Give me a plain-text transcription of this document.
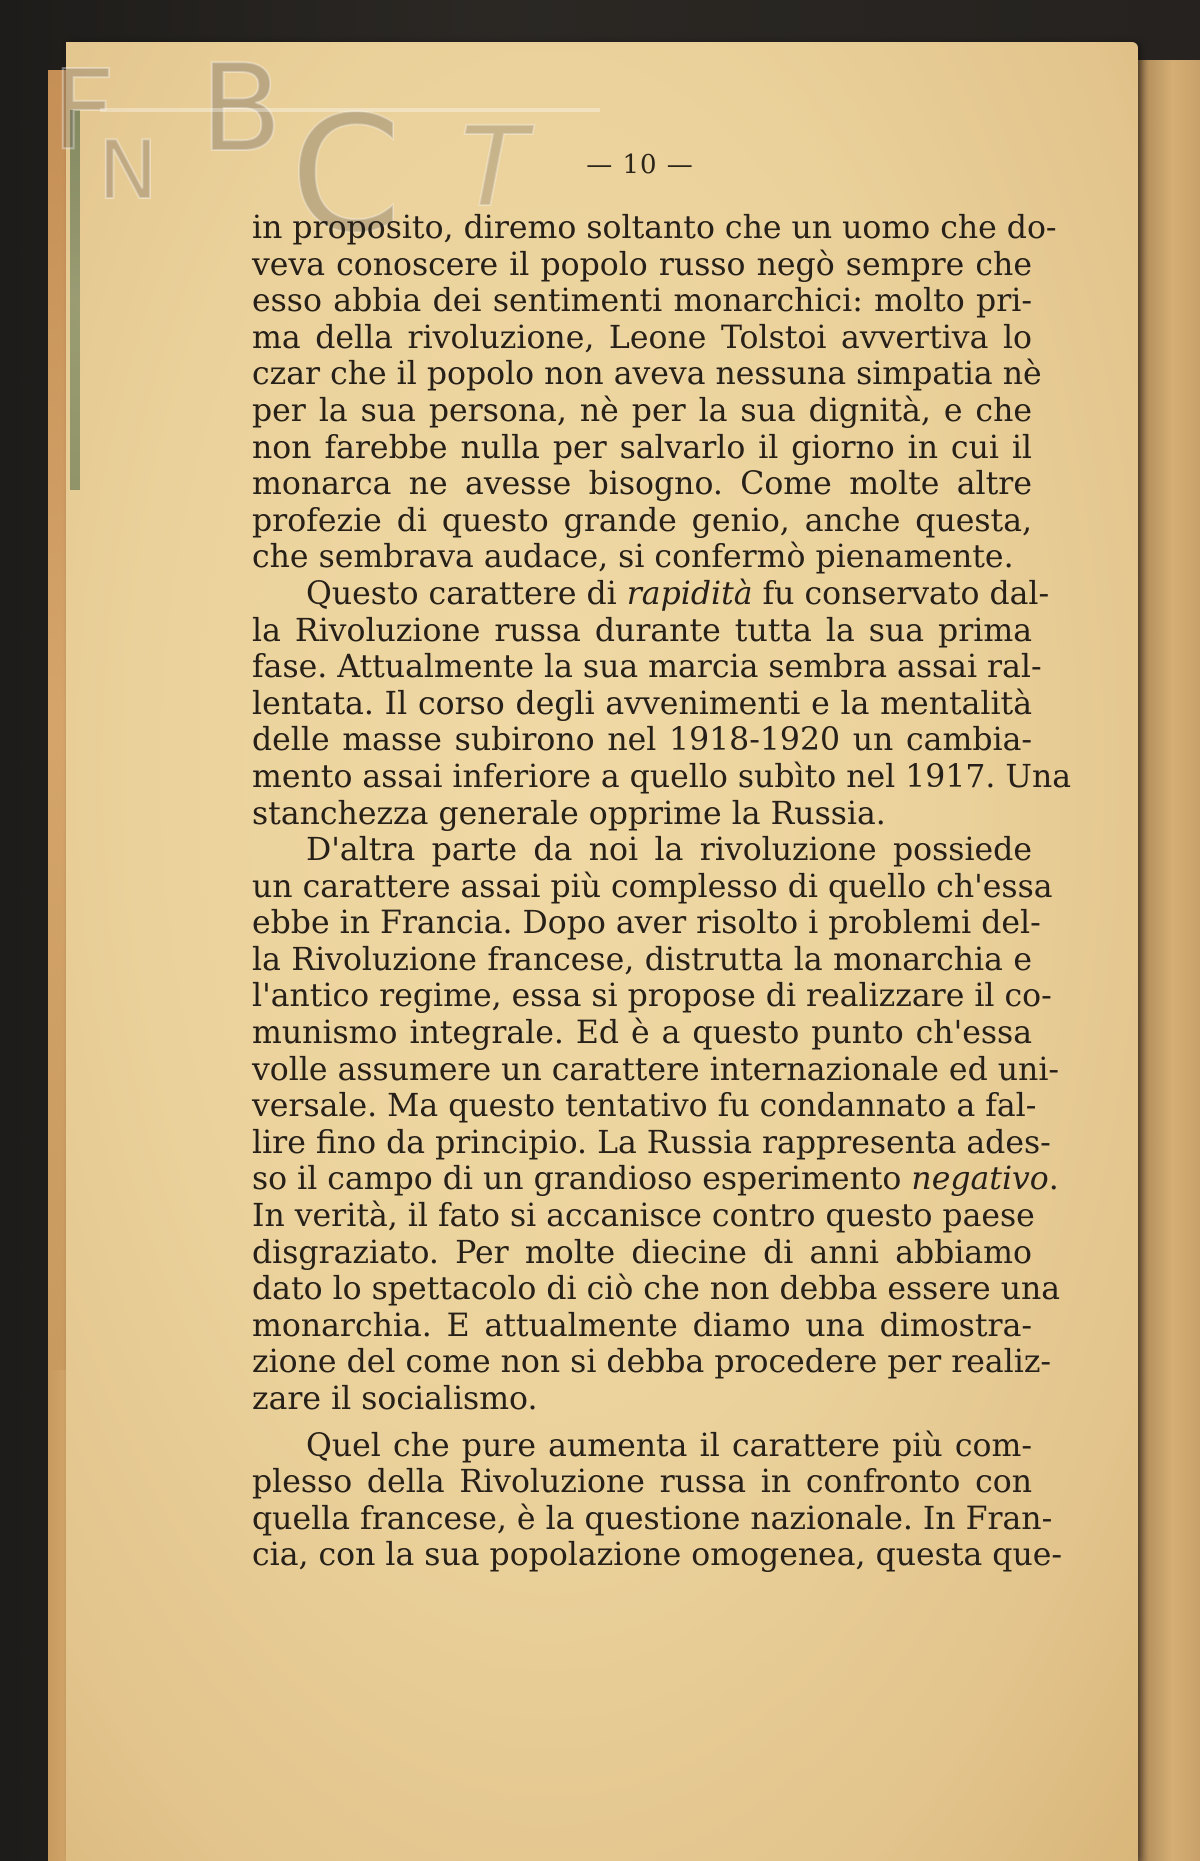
F
N B C T	— 10 —
in proposito, diremo soltanto che un uomo che do-
veva conoscere il popolo russo negò sempre che
esso abbia dei sentimenti monarchici: molto pri-
ma della rivoluzione, Leone Tolstoi avvertiva lo
czar che il popolo non aveva nessuna simpatia nè
per la sua persona, nè per la sua dignità, e che
non farebbe nulla per salvarlo il giorno in cui il
monarca ne avesse bisogno. Come molte altre
profezie di questo grande genio, anche questa,
che sembrava audace, si confermò pienamente.
Questo carattere di rapidità fu conservato dal-
la Rivoluzione russa durante tutta la sua prima
fase. Attualmente la sua marcia sembra assai ral-
lentata. Il corso degli avvenimenti e la mentalità
delle masse subirono nel 1918-1920 un cambia-
mento assai inferiore a quello subìto nel 1917. Una
stanchezza generale opprime la Russia.
D'altra parte da noi la rivoluzione possiede
un carattere assai più complesso di quello ch'essa
ebbe in Francia. Dopo aver risolto i problemi del-
la Rivoluzione francese, distrutta la monarchia e
l'antico regime, essa si propose di realizzare il co-
munismo integrale. Ed è a questo punto ch'essa
volle assumere un carattere internazionale ed uni-
versale. Ma questo tentativo fu condannato a fal-
lire fino da principio. La Russia rappresenta ades-
so il campo di un grandioso esperimento negativo.
In verità, il fato si accanisce contro questo paese
disgraziato. Per molte diecine di anni abbiamo
dato lo spettacolo di ciò che non debba essere una
monarchia. E attualmente diamo una dimostra-
zione del come non si debba procedere per realiz-
zare il socialismo.
Quel che pure aumenta il carattere più com-
plesso della Rivoluzione russa in confronto con
quella francese, è la questione nazionale. In Fran-
cia, con la sua popolazione omogenea, questa que-
